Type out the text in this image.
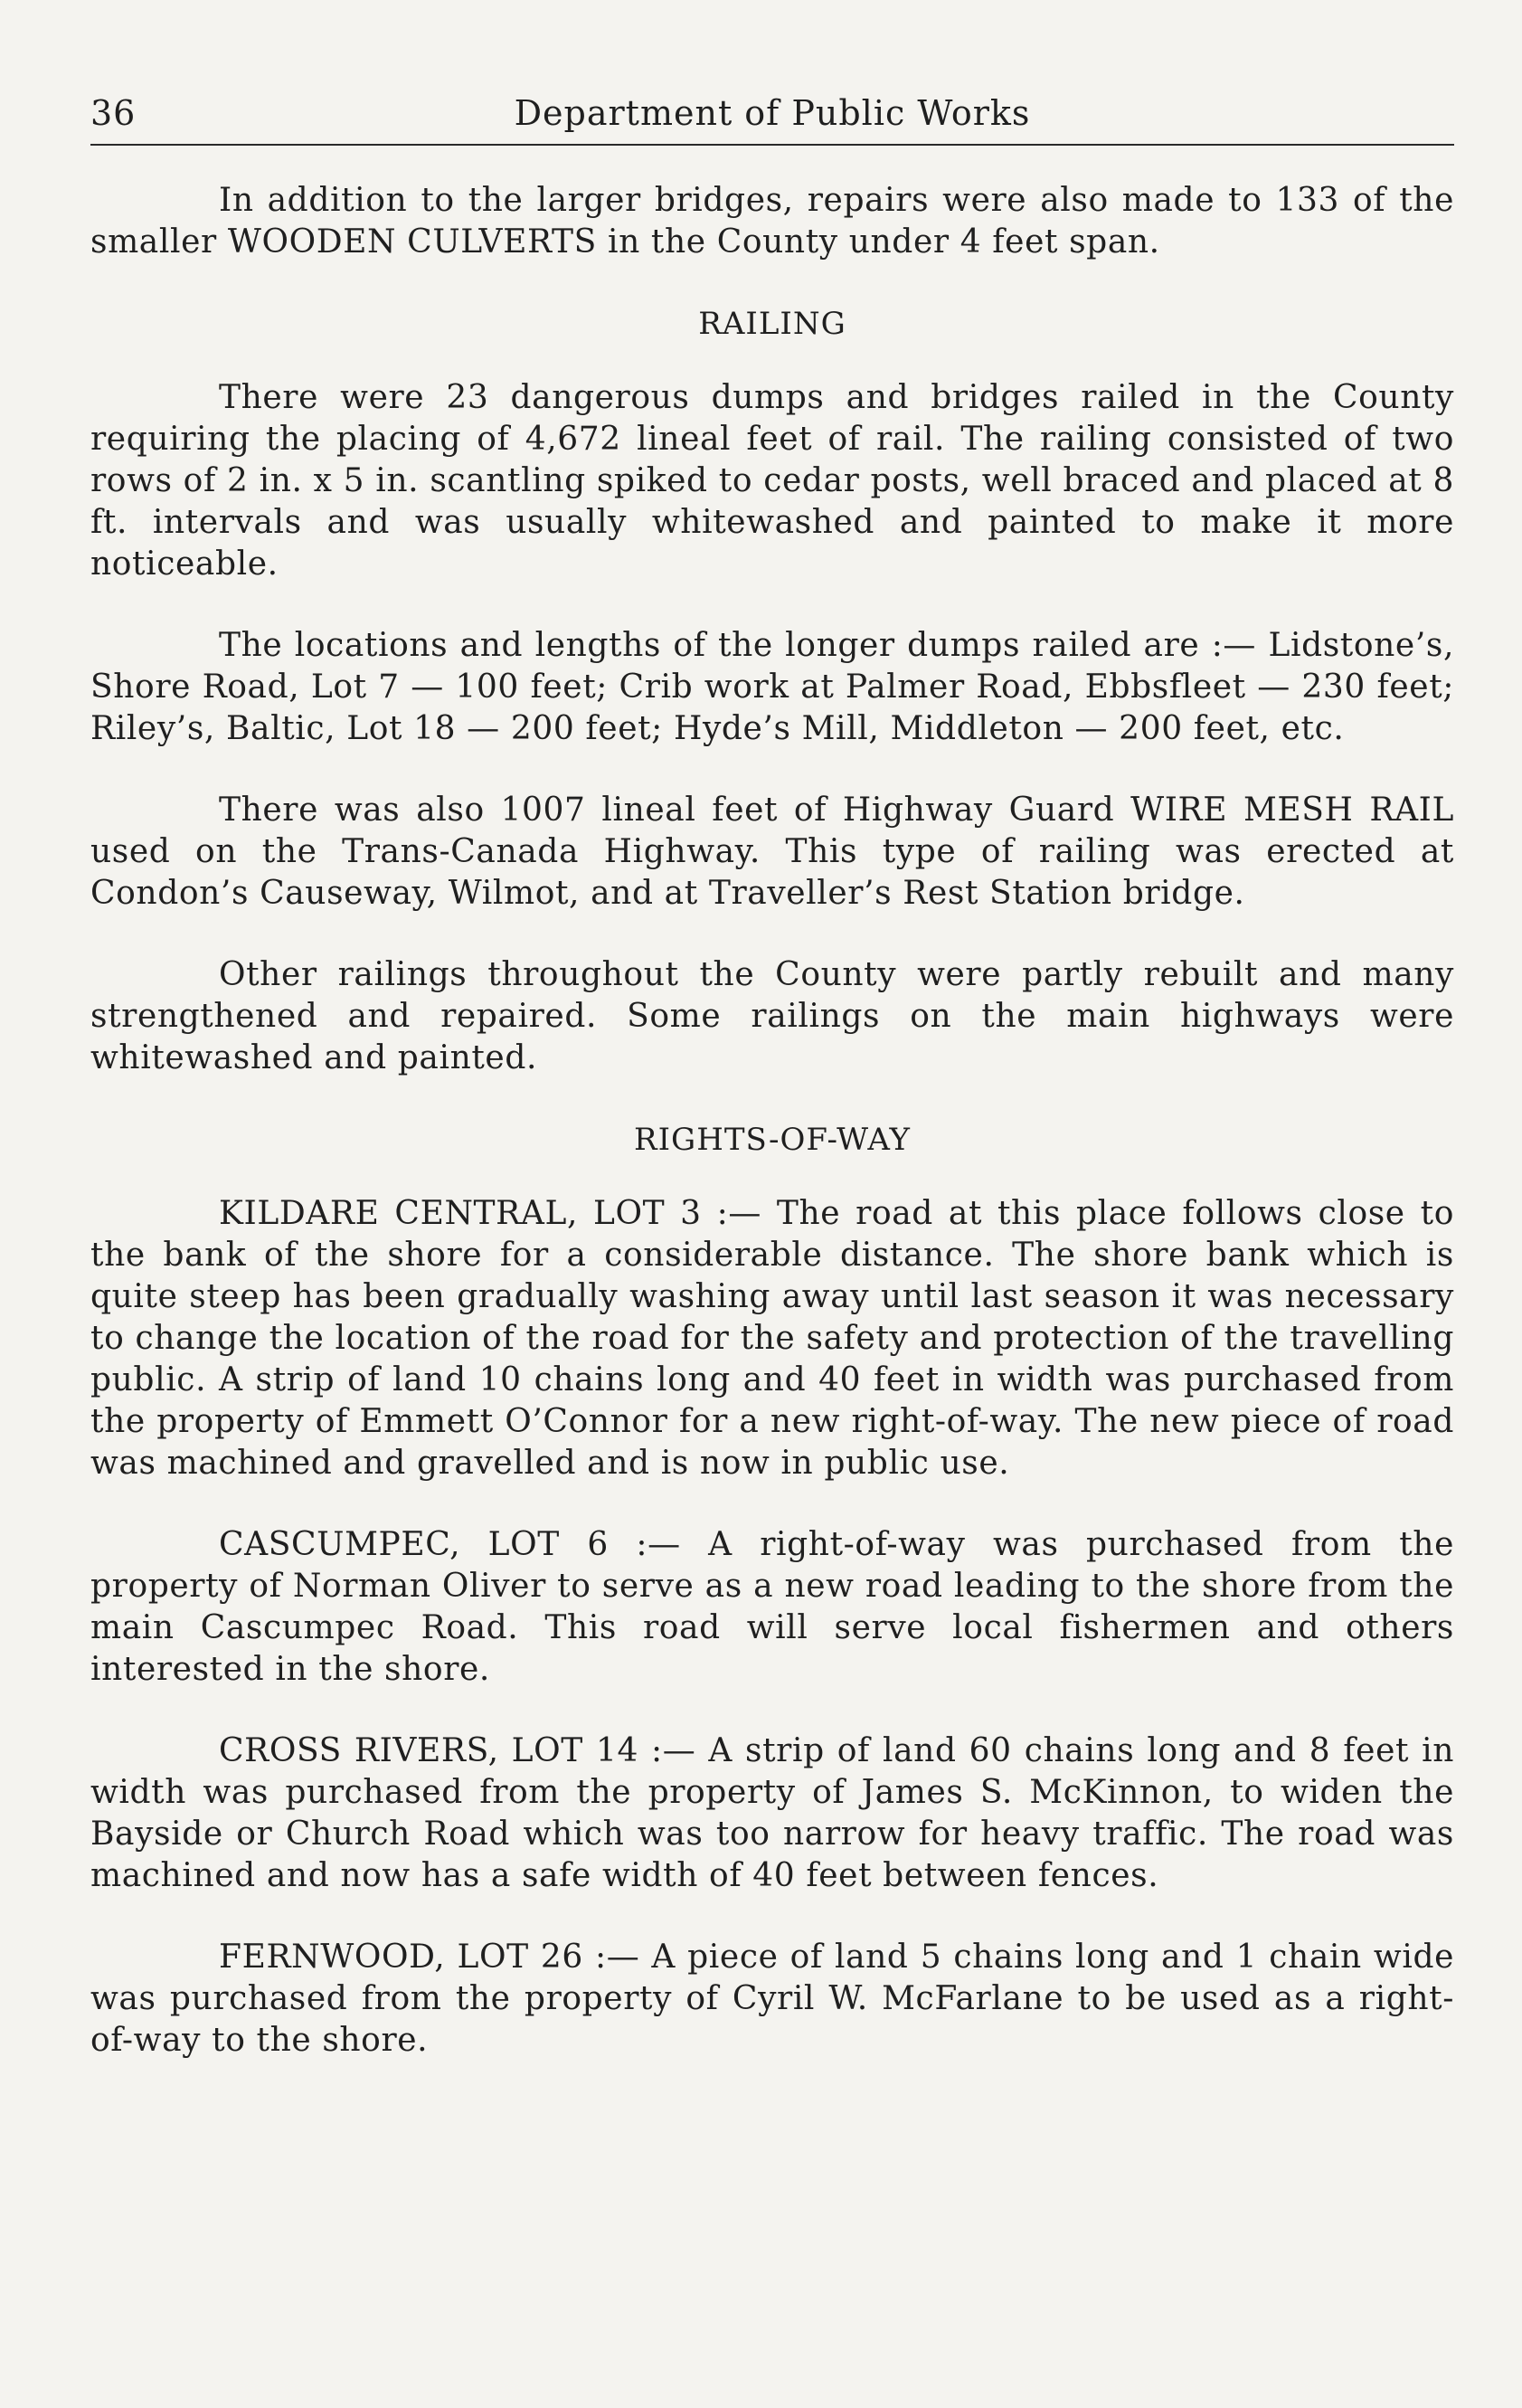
36	Department of Public Works

In addition to the larger bridges, repairs were also made to 133 of the smaller WOODEN CULVERTS in the County under 4 feet span.

RAILING

There were 23 dangerous dumps and bridges railed in the County requiring the placing of 4,672 lineal feet of rail. The railing consisted of two rows of 2 in. x 5 in. scantling spiked to cedar posts, well braced and placed at 8 ft. intervals and was usually whitewashed and painted to make it more noticeable.

The locations and lengths of the longer dumps railed are :— Lidstone’s, Shore Road, Lot 7 — 100 feet; Crib work at Palmer Road, Ebbsfleet — 230 feet; Riley’s, Baltic, Lot 18 — 200 feet; Hyde’s Mill, Middleton — 200 feet, etc.

There was also 1007 lineal feet of Highway Guard WIRE MESH RAIL used on the Trans-Canada Highway. This type of railing was erected at Condon’s Causeway, Wilmot, and at Traveller’s Rest Station bridge.

Other railings throughout the County were partly rebuilt and many strengthened and repaired. Some railings on the main highways were whitewashed and painted.

RIGHTS-OF-WAY

KILDARE CENTRAL, LOT 3 :— The road at this place follows close to the bank of the shore for a considerable distance. The shore bank which is quite steep has been gradually washing away until last season it was necessary to change the location of the road for the safety and protection of the travelling public. A strip of land 10 chains long and 40 feet in width was purchased from the property of Emmett O’Connor for a new right-of-way. The new piece of road was machined and gravelled and is now in public use.

CASCUMPEC, LOT 6 :— A right-of-way was purchased from the property of Norman Oliver to serve as a new road leading to the shore from the main Cascumpec Road. This road will serve local fishermen and others interested in the shore.

CROSS RIVERS, LOT 14 :— A strip of land 60 chains long and 8 feet in width was purchased from the property of James S. McKinnon, to widen the Bayside or Church Road which was too narrow for heavy traffic. The road was machined and now has a safe width of 40 feet between fences.

FERNWOOD, LOT 26 :— A piece of land 5 chains long and 1 chain wide was purchased from the property of Cyril W. McFarlane to be used as a right-of-way to the shore.
